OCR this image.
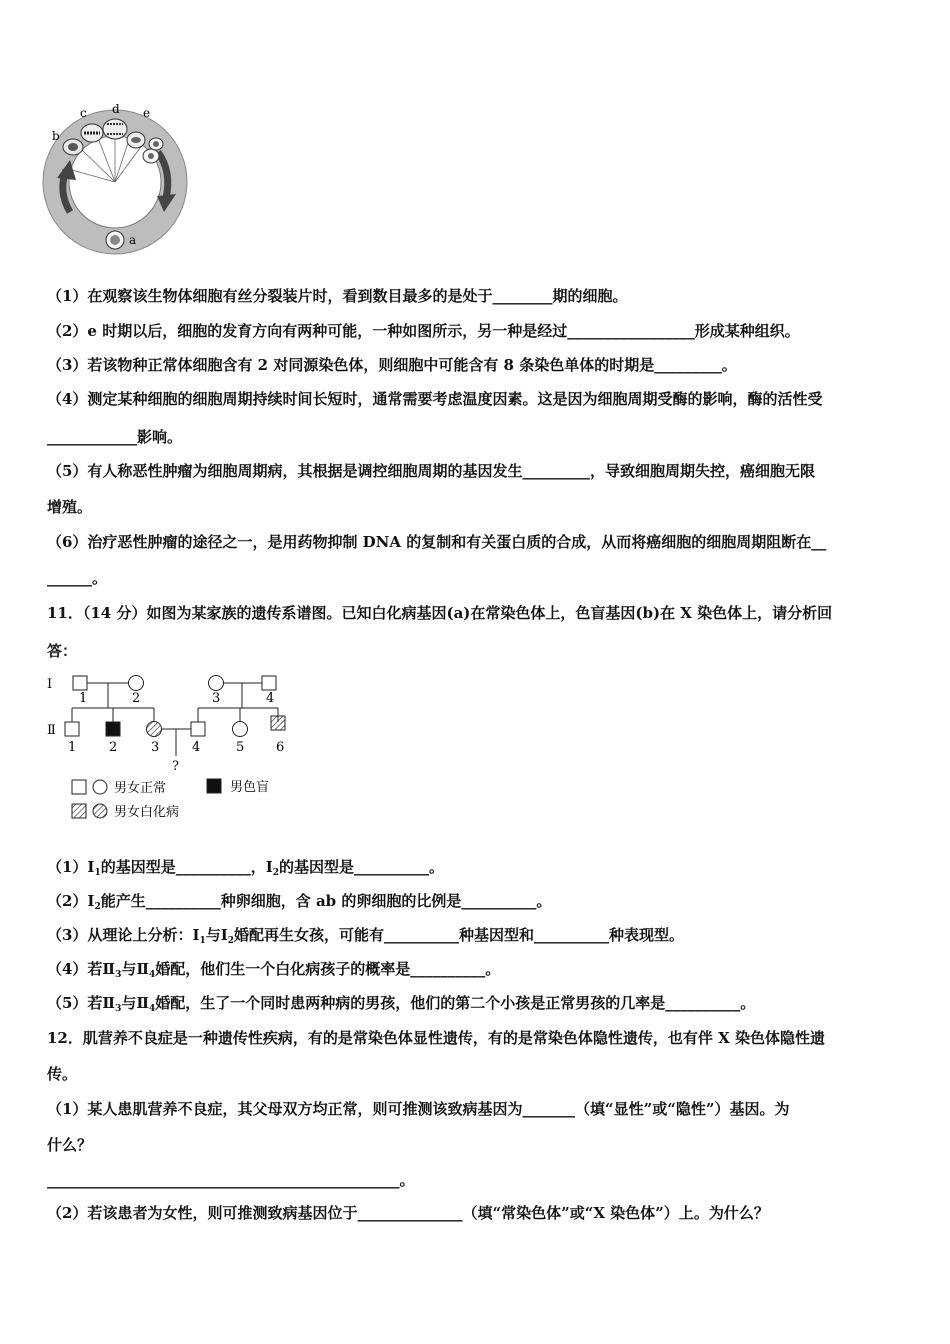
a
b
c d e
（1）在观察该生物体细胞有丝分裂装片时，看到数目最多的是处于________期的细胞。
（2）e 时期以后，细胞的发育方向有两种可能，一种如图所示，另一种是经过_________________形成某种组织。
（3）若该物种正常体细胞含有 2 对同源染色体，则细胞中可能含有 8 条染色单体的时期是_________。
（4）测定某种细胞的细胞周期持续时间长短时，通常需要考虑温度因素。这是因为细胞周期受酶的影响，酶的活性受
____________影响。
（5）有人称恶性肿瘤为细胞周期病，其根据是调控细胞周期的基因发生_________，导致细胞周期失控，癌细胞无限
增殖。
（6）治疗恶性肿瘤的途径之一，是用药物抑制 DNA 的复制和有关蛋白质的合成，从而将癌细胞的细胞周期阻断在__
______。
11．（14 分）如图为某家族的遗传系谱图。已知白化病基因(a)在常染色体上，色盲基因(b)在 X 染色体上，请分析回
答：
Ⅰ
Ⅱ
1	2	3	4
1	2	3	4	5 6
?
男女正常	男色盲
男女白化病
$(1)Ⅰ_1$的基因型是__________，$Ⅰ_2$的基因型是__________。
$(2)Ⅰ_2$能产生__________种卵细胞，含 ab 的卵细胞的比例是__________。
（3）从理论上分析：$Ⅰ_1$与$Ⅰ_2$婚配再生女孩，可能有__________种基因型和__________种表现型。
（4）若$Ⅱ_3$与$Ⅱ_4$婚配，他们生一个白化病孩子的概率是__________。
（5）若$Ⅱ_3$与$Ⅱ_4$婚配，生了一个同时患两种病的男孩，他们的第二个小孩是正常男孩的几率是__________。
12．肌营养不良症是一种遗传性疾病，有的是常染色体显性遗传，有的是常染色体隐性遗传，也有伴 X 染色体隐性遗
传。
（1）某人患肌营养不良症，其父母双方均正常，则可推测该致病基因为_______（填“显性”或“隐性”）基因。为
什么？
_______________________________________________。
（2）若该患者为女性，则可推测致病基因位于______________（填“常染色体”或“X 染色体”）上。为什么？
